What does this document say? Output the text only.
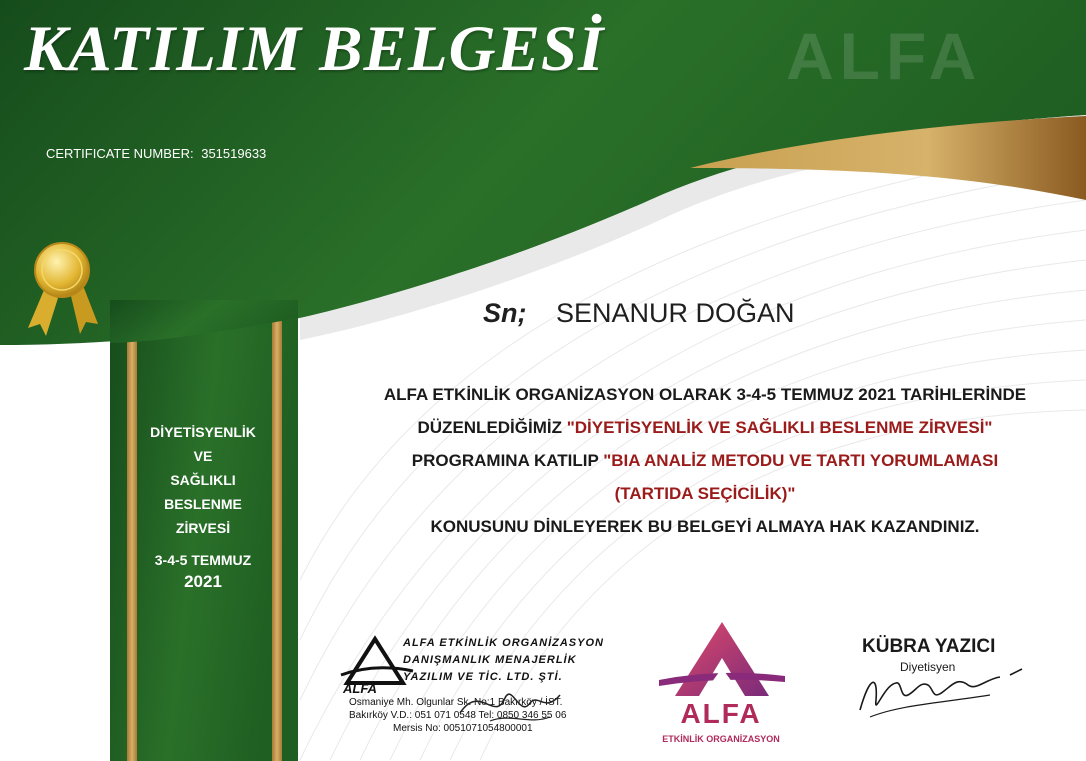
KATILIM BELGESİ	ALFA
CERTIFICATE NUMBER: 351519633
DİYETİSYENLİK
VE
SAĞLIKLI
BESLENME
ZİRVESİ
3-4-5 TEMMUZ
2021
Sn; SENANUR DOĞAN
ALFA ETKİNLİK ORGANİZASYON OLARAK 3-4-5 TEMMUZ 2021 TARİHLERİNDE
DÜZENLEDİĞİMİZ "DİYETİSYENLİK VE SAĞLIKLI BESLENME ZİRVESİ"
PROGRAMINA KATILIP "BIA ANALİZ METODU VE TARTI YORUMLAMASI
(TARTIDA SEÇİCİLİK)"
KONUSUNU DİNLEYEREK BU BELGEYİ ALMAYA HAK KAZANDINIZ.
ALFA
ALFA ETKİNLİK ORGANİZASYON
DANIŞMANLIK MENAJERLİK
YAZILIM VE TİC. LTD. ŞTİ.
Osmaniye Mh. Olgunlar Sk. No:1 Bakırköy / İST.
Bakırköy V.D.: 051 071 0548 Tel: 0850 346 55 06
Mersis No: 0051071054800001	ALFA
ETKİNLİK ORGANİZASYON
KÜBRA YAZICI
Diyetisyen
